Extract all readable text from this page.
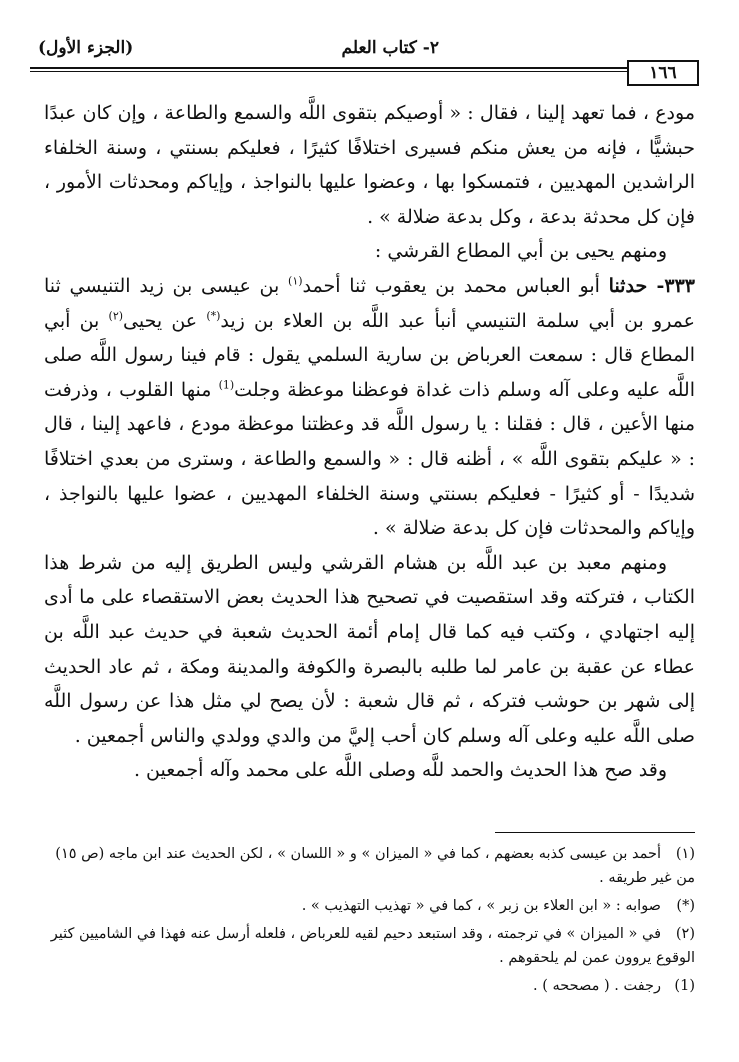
٢- كتاب العلم
(الجزء الأول)
١٦٦

مودع ، فما تعهد إلينا ، فقال : « أوصيكم بتقوى اللَّه والسمع والطاعة ، وإن كان عبدًا حبشيًّا ، فإنه من يعش منكم فسيرى اختلافًا كثيرًا ، فعليكم بسنتي ، وسنة الخلفاء الراشدين المهديين ، فتمسكوا بها ، وعضوا عليها بالنواجذ ، وإياكم ومحدثات الأمور ، فإن كل محدثة بدعة ، وكل بدعة ضلالة » .

ومنهم يحيى بن أبي المطاع القرشي :

٣٣٣- حدثنا أبو العباس محمد بن يعقوب ثنا أحمد$^{(١)}$ بن عيسى بن زيد التنيسي ثنا عمرو بن أبي سلمة التنيسي أنبأ عبد اللَّه بن العلاء بن زيد(*) عن يحيى$^{(٢)}$ بن أبي المطاع قال : سمعت العرباض بن سارية السلمي يقول : قام فينا رسول اللَّه صلى اللَّه عليه وعلى آله وسلم ذات غداة فوعظنا موعظة وجلت$^{(1)}$ منها القلوب ، وذرفت منها الأعين ، قال : فقلنا : يا رسول اللَّه قد وعظتنا موعظة مودع ، فاعهد إلينا ، قال : « عليكم بتقوى اللَّه » ، أظنه قال : « والسمع والطاعة ، وسترى من بعدي اختلافًا شديدًا - أو كثيرًا - فعليكم بسنتي وسنة الخلفاء المهديين ، عضوا عليها بالنواجذ ، وإياكم والمحدثات فإن كل بدعة ضلالة » .

ومنهم معبد بن عبد اللَّه بن هشام القرشي وليس الطريق إليه من شرط هذا الكتاب ، فتركته وقد استقصيت في تصحيح هذا الحديث بعض الاستقصاء على ما أدى إليه اجتهادي ، وكتب فيه كما قال إمام أئمة الحديث شعبة في حديث عبد اللَّه بن عطاء عن عقبة بن عامر لما طلبه بالبصرة والكوفة والمدينة ومكة ، ثم عاد الحديث إلى شهر بن حوشب فتركه ، ثم قال شعبة : لأن يصح لي مثل هذا عن رسول اللَّه صلى اللَّه عليه وعلى آله وسلم كان أحب إليَّ من والدي وولدي والناس أجمعين .

وقد صح هذا الحديث والحمد للَّه وصلى اللَّه على محمد وآله أجمعين .

(١)أحمد بن عيسى كذبه بعضهم ، كما في « الميزان » و « اللسان » ، لكن الحديث عند ابن ماجه (ص ١٥) من غير طريقه .

(*)صوابه : « ابن العلاء بن زبر » ، كما في « تهذيب التهذيب » .

(٢)في « الميزان » في ترجمته ، وقد استبعد دحيم لقيه للعرباض ، فلعله أرسل عنه فهذا في الشاميين كثير الوقوع يروون عمن لم يلحقوهم .

(1)رجفت . ( مصححه ) .
